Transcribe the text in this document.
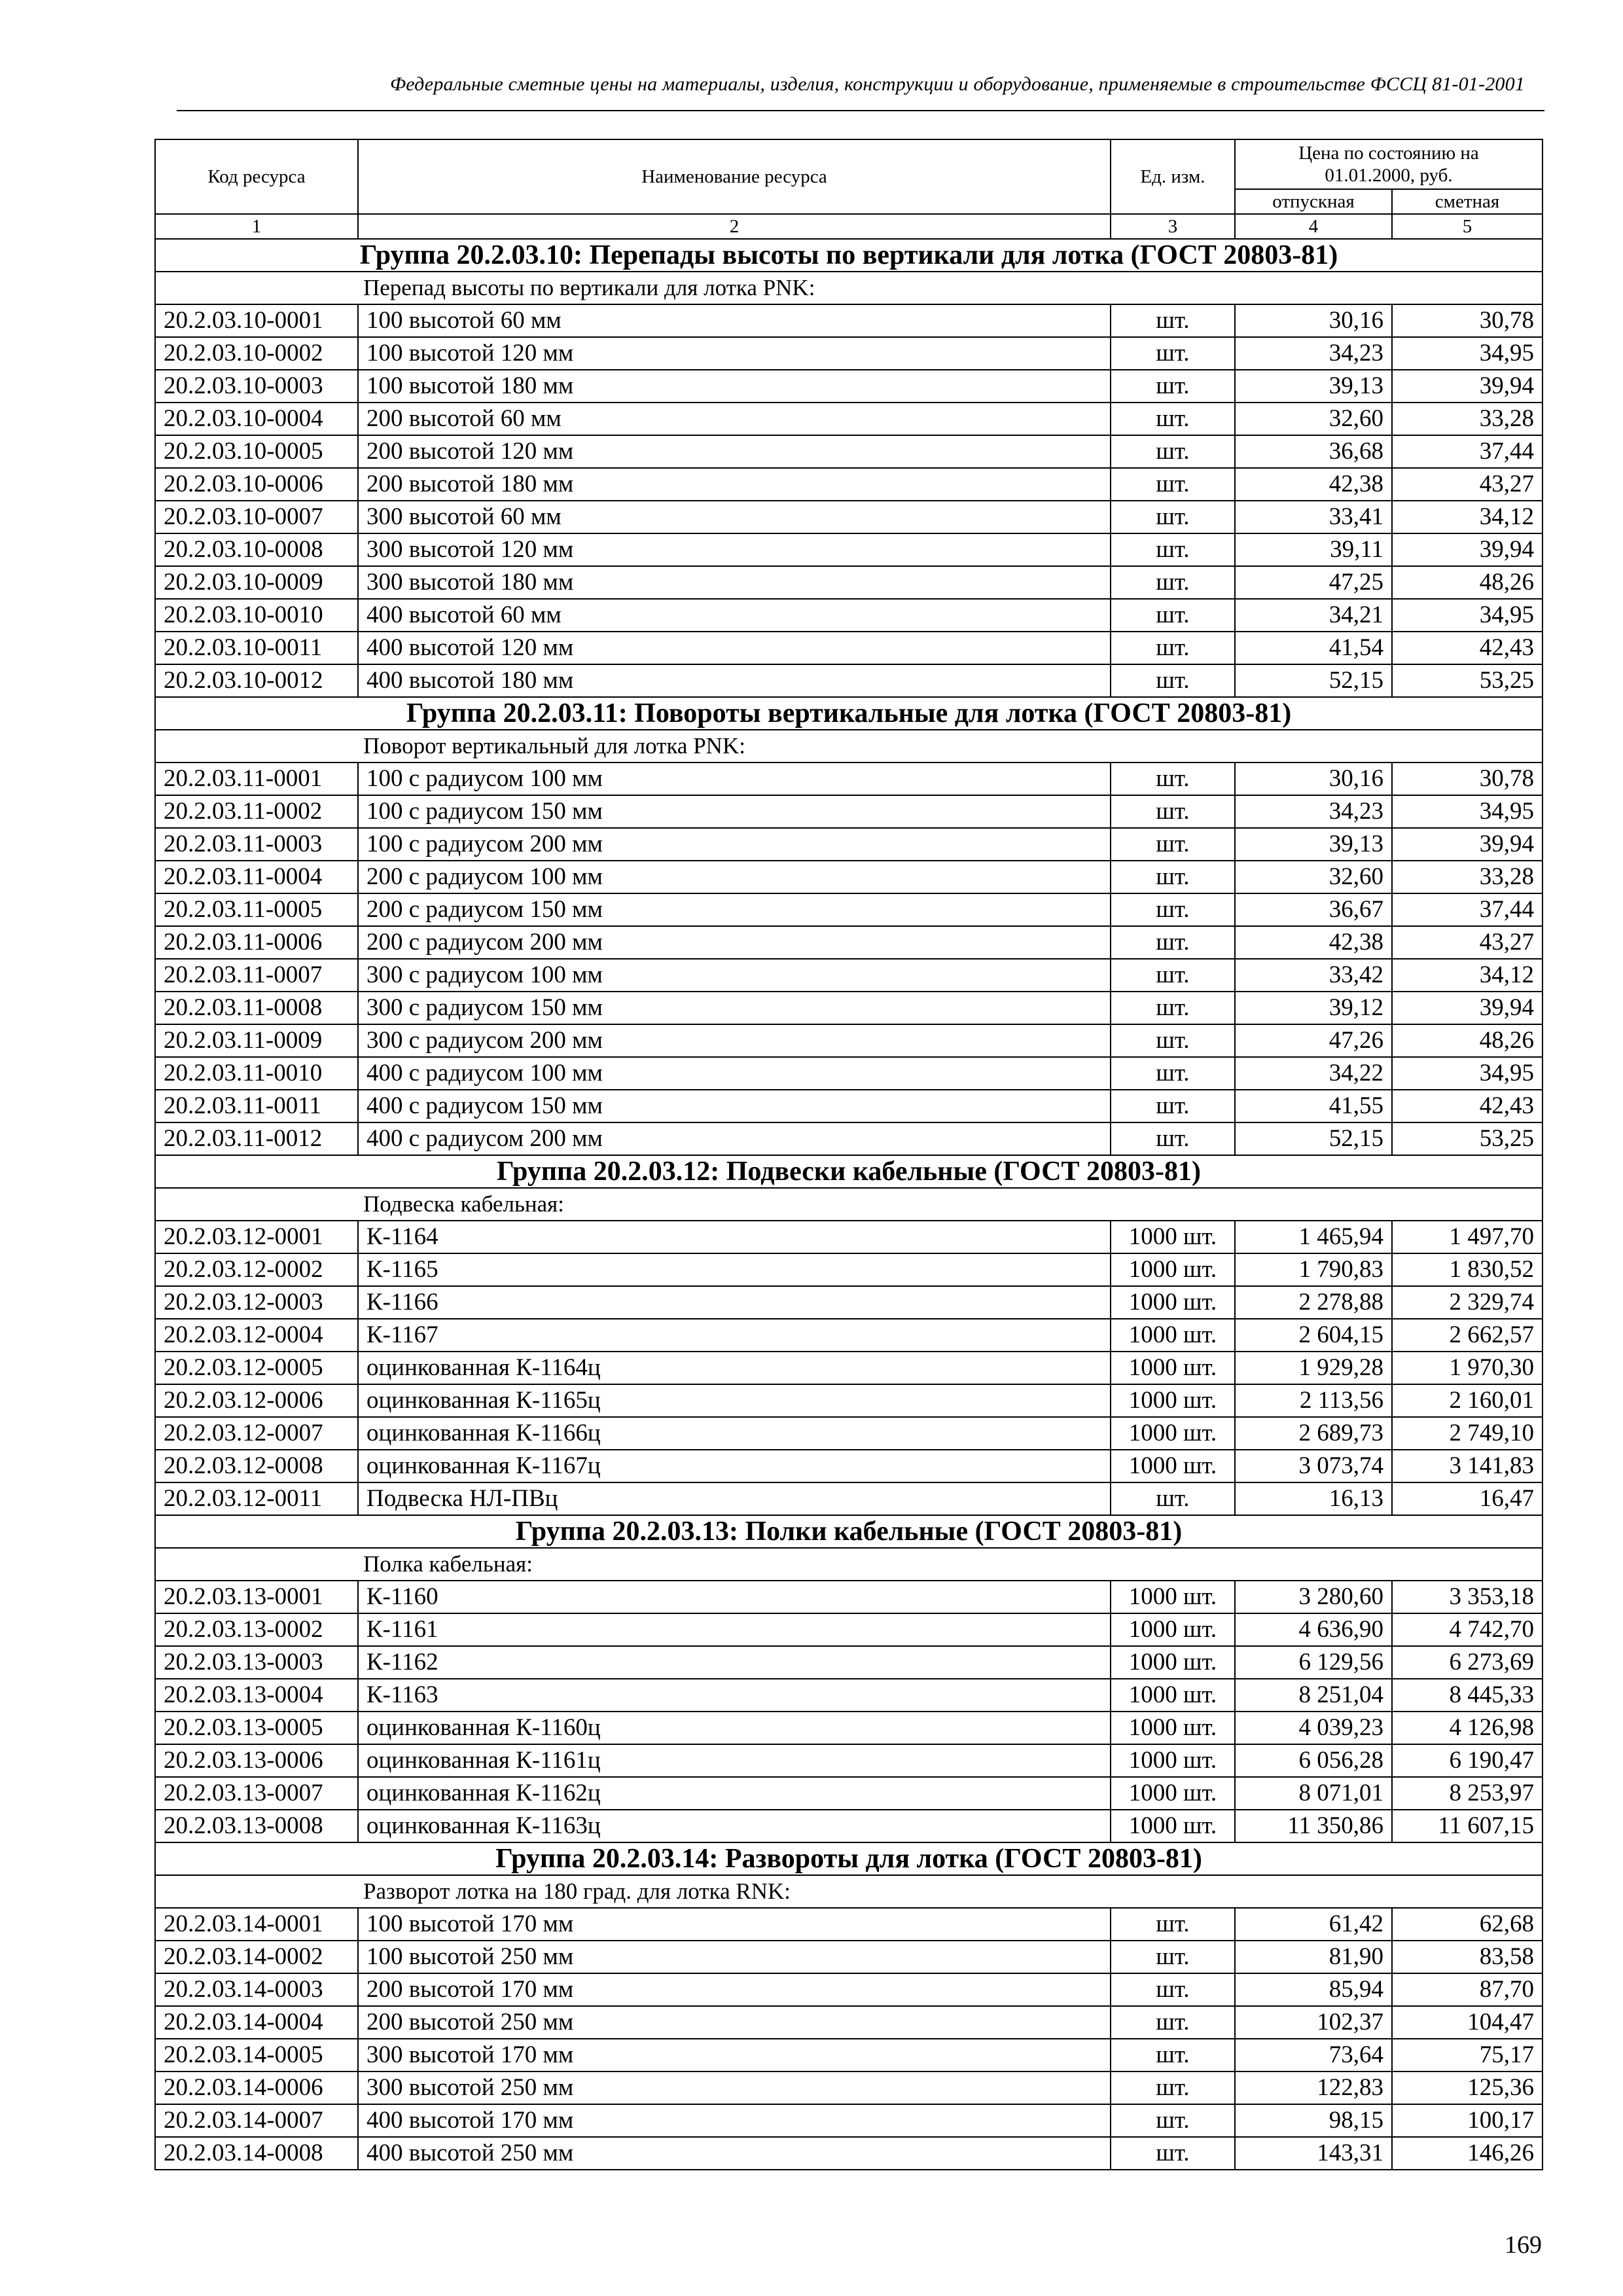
Федеральные сметные цены на материалы, изделия, конструкции и оборудование, применяемые в строительстве ФССЦ 81-01-2001
Код ресурса	Наименование ресурса	Ед. изм.	Цена по состоянию на 01.01.2000, руб.	
			отпускная	сметная
1	2	3	4	5
Группа 20.2.03.10: Перепады высоты по вертикали для лотка (ГОСТ 20803-81)				
	Перепад высоты по вертикали для лотка PNK:			
20.2.03.10-0001	100 высотой 60 мм	шт.	30,16	30,78
20.2.03.10-0002	100 высотой 120 мм	шт.	34,23	34,95
20.2.03.10-0003	100 высотой 180 мм	шт.	39,13	39,94
20.2.03.10-0004	200 высотой 60 мм	шт.	32,60	33,28
20.2.03.10-0005	200 высотой 120 мм	шт.	36,68	37,44
20.2.03.10-0006	200 высотой 180 мм	шт.	42,38	43,27
20.2.03.10-0007	300 высотой 60 мм	шт.	33,41	34,12
20.2.03.10-0008	300 высотой 120 мм	шт.	39,11	39,94
20.2.03.10-0009	300 высотой 180 мм	шт.	47,25	48,26
20.2.03.10-0010	400 высотой 60 мм	шт.	34,21	34,95
20.2.03.10-0011	400 высотой 120 мм	шт.	41,54	42,43
20.2.03.10-0012	400 высотой 180 мм	шт.	52,15	53,25
Группа 20.2.03.11: Повороты вертикальные для лотка (ГОСТ 20803-81)				
	Поворот вертикальный для лотка PNK:			
20.2.03.11-0001	100 с радиусом 100 мм	шт.	30,16	30,78
20.2.03.11-0002	100 с радиусом 150 мм	шт.	34,23	34,95
20.2.03.11-0003	100 с радиусом 200 мм	шт.	39,13	39,94
20.2.03.11-0004	200 с радиусом 100 мм	шт.	32,60	33,28
20.2.03.11-0005	200 с радиусом 150 мм	шт.	36,67	37,44
20.2.03.11-0006	200 с радиусом 200 мм	шт.	42,38	43,27
20.2.03.11-0007	300 с радиусом 100 мм	шт.	33,42	34,12
20.2.03.11-0008	300 с радиусом 150 мм	шт.	39,12	39,94
20.2.03.11-0009	300 с радиусом 200 мм	шт.	47,26	48,26
20.2.03.11-0010	400 с радиусом 100 мм	шт.	34,22	34,95
20.2.03.11-0011	400 с радиусом 150 мм	шт.	41,55	42,43
20.2.03.11-0012	400 с радиусом 200 мм	шт.	52,15	53,25
Группа 20.2.03.12: Подвески кабельные (ГОСТ 20803-81)				
	Подвеска кабельная:			
20.2.03.12-0001	К-1164	1000 шт.	1 465,94	1 497,70
20.2.03.12-0002	К-1165	1000 шт.	1 790,83	1 830,52
20.2.03.12-0003	К-1166	1000 шт.	2 278,88	2 329,74
20.2.03.12-0004	К-1167	1000 шт.	2 604,15	2 662,57
20.2.03.12-0005	оцинкованная К-1164ц	1000 шт.	1 929,28	1 970,30
20.2.03.12-0006	оцинкованная К-1165ц	1000 шт.	2 113,56	2 160,01
20.2.03.12-0007	оцинкованная К-1166ц	1000 шт.	2 689,73	2 749,10
20.2.03.12-0008	оцинкованная К-1167ц	1000 шт.	3 073,74	3 141,83
20.2.03.12-0011	Подвеска НЛ-ПВц	шт.	16,13	16,47
Группа 20.2.03.13: Полки кабельные (ГОСТ 20803-81)				
	Полка кабельная:			
20.2.03.13-0001	К-1160	1000 шт.	3 280,60	3 353,18
20.2.03.13-0002	К-1161	1000 шт.	4 636,90	4 742,70
20.2.03.13-0003	К-1162	1000 шт.	6 129,56	6 273,69
20.2.03.13-0004	К-1163	1000 шт.	8 251,04	8 445,33
20.2.03.13-0005	оцинкованная К-1160ц	1000 шт.	4 039,23	4 126,98
20.2.03.13-0006	оцинкованная К-1161ц	1000 шт.	6 056,28	6 190,47
20.2.03.13-0007	оцинкованная К-1162ц	1000 шт.	8 071,01	8 253,97
20.2.03.13-0008	оцинкованная К-1163ц	1000 шт.	11 350,86	11 607,15
Группа 20.2.03.14: Развороты для лотка (ГОСТ 20803-81)				
	Разворот лотка на 180 град. для лотка RNK:			
20.2.03.14-0001	100 высотой 170 мм	шт.	61,42	62,68
20.2.03.14-0002	100 высотой 250 мм	шт.	81,90	83,58
20.2.03.14-0003	200 высотой 170 мм	шт.	85,94	87,70
20.2.03.14-0004	200 высотой 250 мм	шт.	102,37	104,47
20.2.03.14-0005	300 высотой 170 мм	шт.	73,64	75,17
20.2.03.14-0006	300 высотой 250 мм	шт.	122,83	125,36
20.2.03.14-0007	400 высотой 170 мм	шт.	98,15	100,17
20.2.03.14-0008	400 высотой 250 мм	шт.	143,31	146,26
169
